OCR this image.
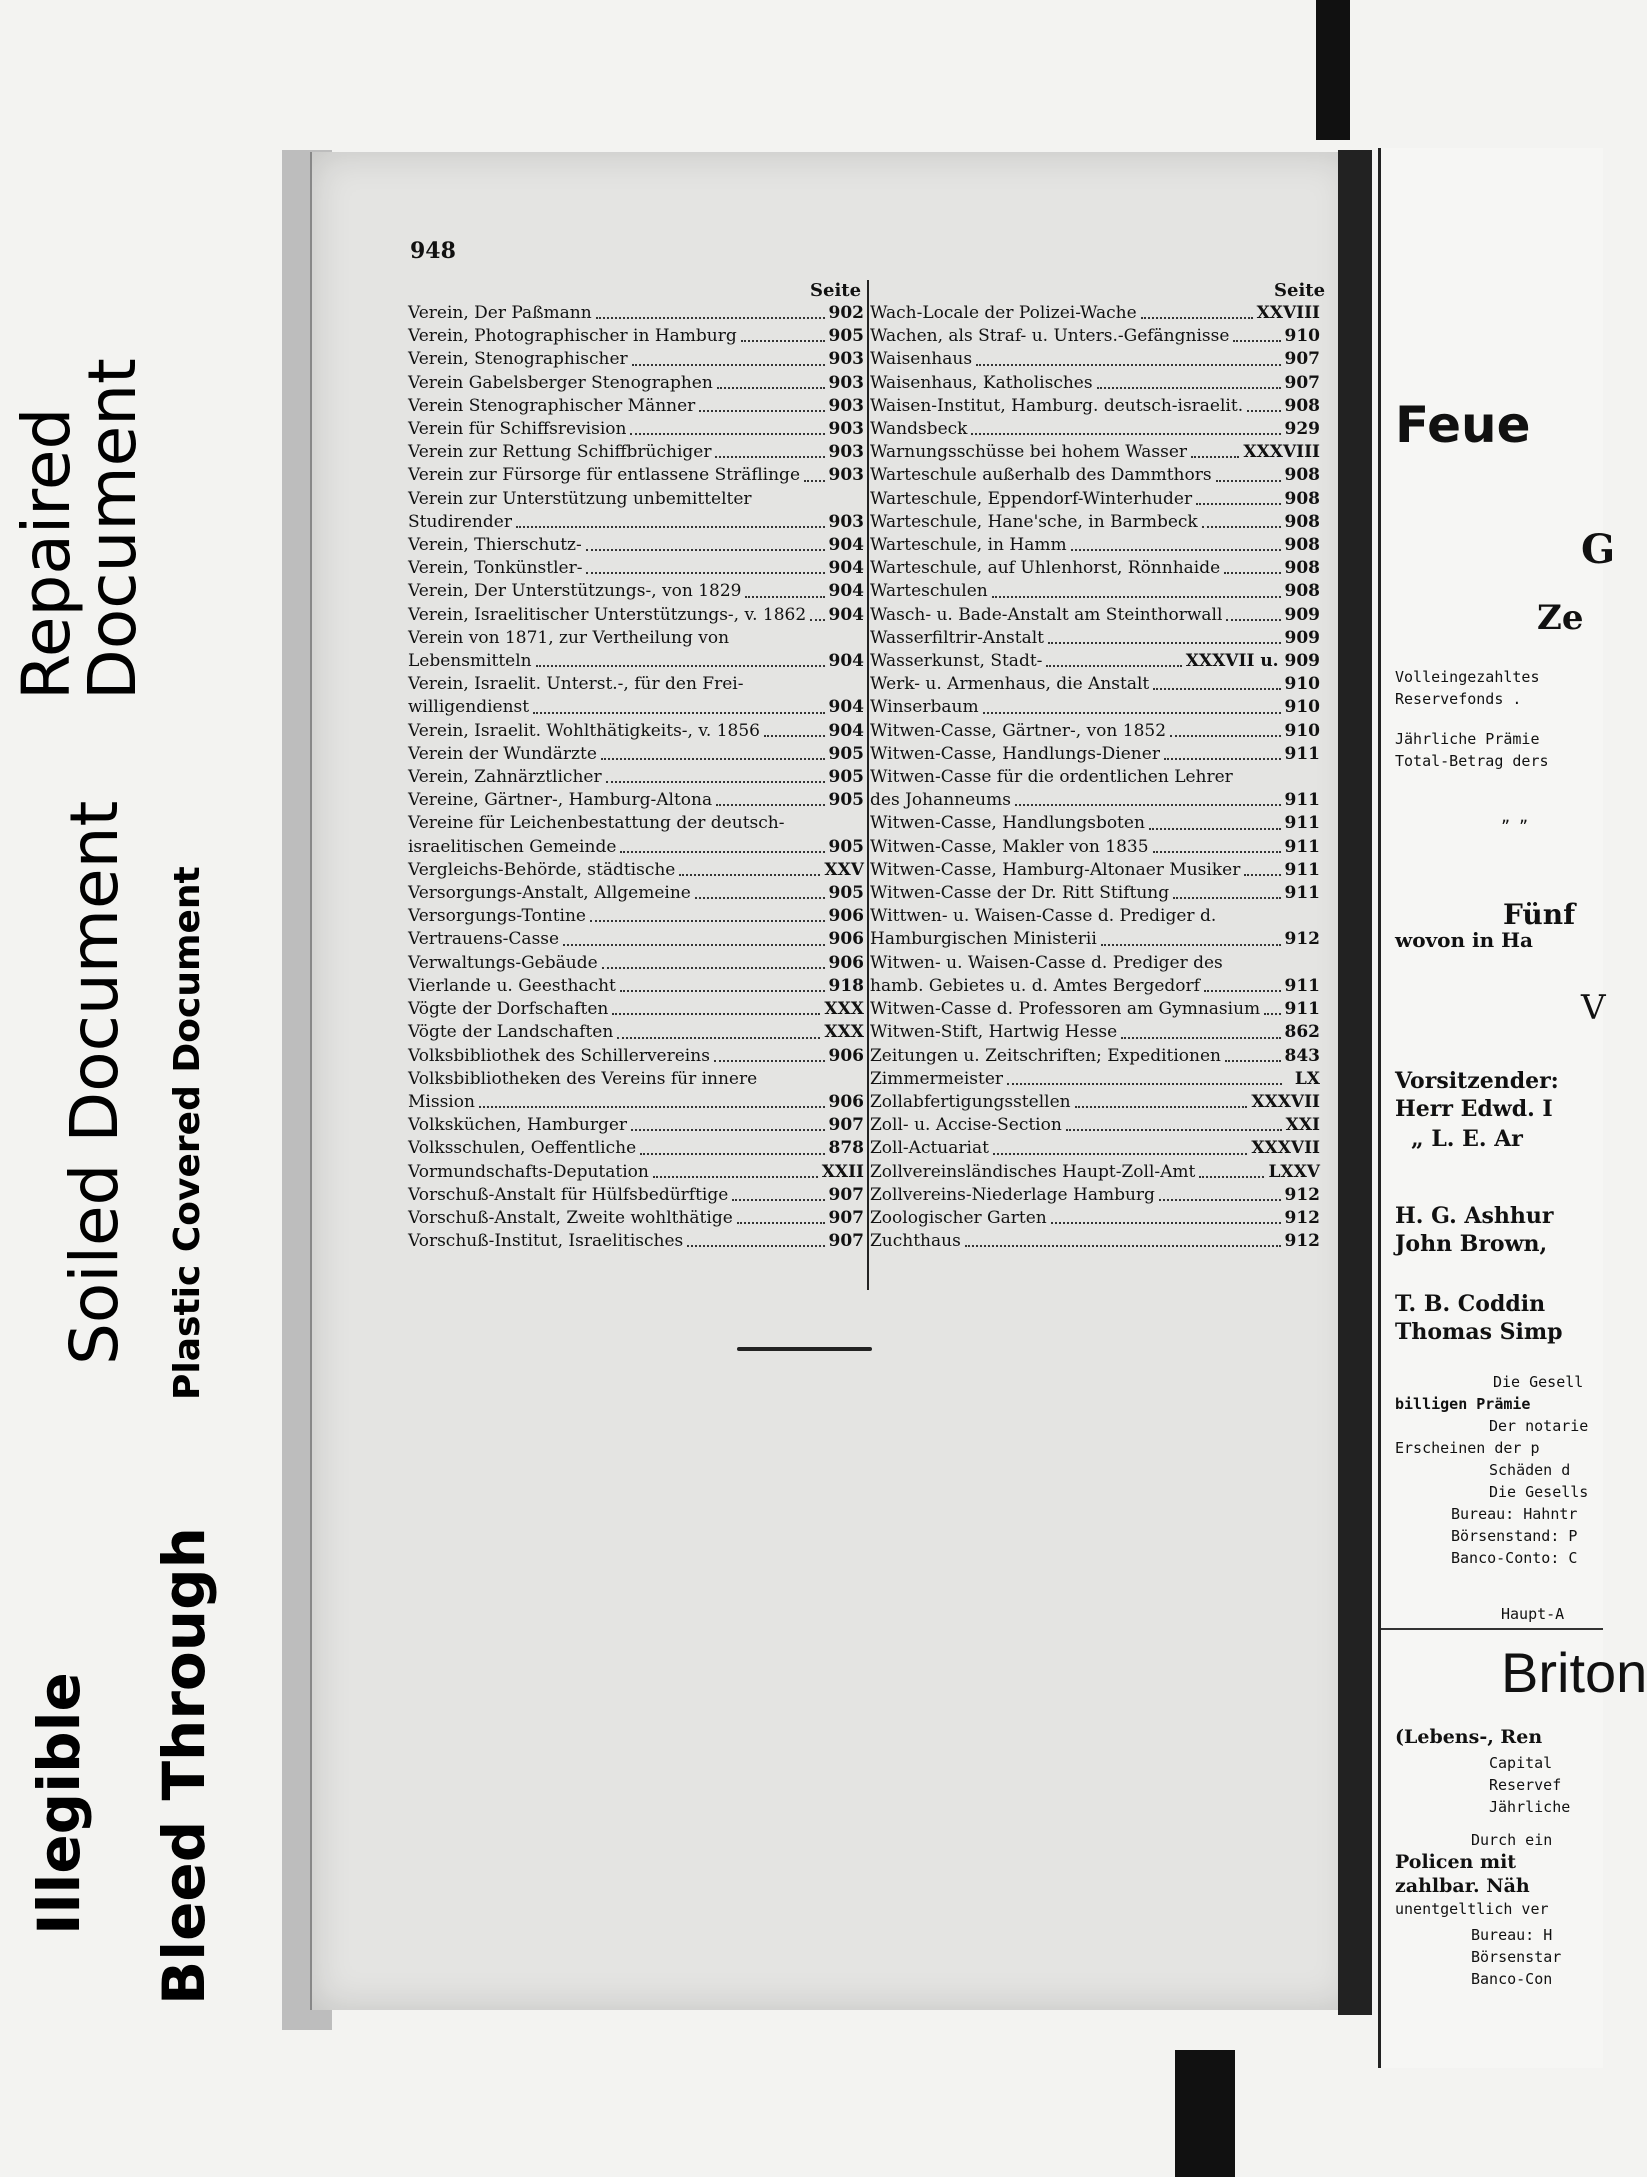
Repaired
Document
Soiled Document Plastic Covered Document
Illegible Bleed Through
948
Seite	Seite
Verein, Der Paßmann	902
Verein, Photographischer in Hamburg	905
Verein, Stenographischer	903
Verein Gabelsberger Stenographen	903
Verein Stenographischer Männer	903
Verein für Schiffsrevision	903
Verein zur Rettung Schiffbrüchiger	903
Verein zur Fürsorge für entlassene Sträflinge 903
Verein zur Unterstützung unbemittelter
Studirender	903
Verein, Thierschutz-	904
Verein, Tonkünstler-	904
Verein, Der Unterstützungs-, von 1829	904
Verein, Israelitischer Unterstützungs-, v. 1862 904
Verein von 1871, zur Vertheilung von
Lebensmitteln	904
Verein, Israelit. Unterst.-, für den Frei-
willigendienst	904
Verein, Israelit. Wohlthätigkeits-, v. 1856	904
Verein der Wundärzte	905
Verein, Zahnärztlicher	905
Vereine, Gärtner-, Hamburg-Altona	905
Vereine für Leichenbestattung der deutsch-
israelitischen Gemeinde	905
Vergleichs-Behörde, städtische	XXV
Versorgungs-Anstalt, Allgemeine	905
Versorgungs-Tontine	906
Vertrauens-Casse	906
Verwaltungs-Gebäude	906
Vierlande u. Geesthacht	918
Vögte der Dorfschaften	XXX
Vögte der Landschaften	XXX
Volksbibliothek des Schillervereins	906
Volksbibliotheken des Vereins für innere
Mission	906
Volksküchen, Hamburger	907
Volksschulen, Oeffentliche	878
Vormundschafts-Deputation	XXII
Vorschuß-Anstalt für Hülfsbedürftige	907
Vorschuß-Anstalt, Zweite wohlthätige	907
Vorschuß-Institut, Israelitisches	907
Wach-Locale der Polizei-Wache	XXVIII
Wachen, als Straf- u. Unters.-Gefängnisse	910
Waisenhaus	907
Waisenhaus, Katholisches	907
Waisen-Institut, Hamburg. deutsch-israelit. 908
Wandsbeck	929
Warnungsschüsse bei hohem Wasser	XXXVIII
Warteschule außerhalb des Dammthors	908
Warteschule, Eppendorf-Winterhuder	908
Warteschule, Hane'sche, in Barmbeck	908
Warteschule, in Hamm	908
Warteschule, auf Uhlenhorst, Rönnhaide	908
Warteschulen	908
Wasch- u. Bade-Anstalt am Steinthorwall	909
Wasserfiltrir-Anstalt	909
Wasserkunst, Stadt-	XXXVII u. 909
Werk- u. Armenhaus, die Anstalt	910
Winserbaum	910
Witwen-Casse, Gärtner-, von 1852	910
Witwen-Casse, Handlungs-Diener	911
Witwen-Casse für die ordentlichen Lehrer
des Johanneums	911
Witwen-Casse, Handlungsboten	911
Witwen-Casse, Makler von 1835	911
Witwen-Casse, Hamburg-Altonaer Musiker	911
Witwen-Casse der Dr. Ritt Stiftung	911
Wittwen- u. Waisen-Casse d. Prediger d.
Hamburgischen Ministerii	912
Witwen- u. Waisen-Casse d. Prediger des
hamb. Gebietes u. d. Amtes Bergedorf	911
Witwen-Casse d. Professoren am Gymnasium 911
Witwen-Stift, Hartwig Hesse	862
Zeitungen u. Zeitschriften; Expeditionen	843
Zimmermeister	LX
Zollabfertigungsstellen	XXXVII
Zoll- u. Accise-Section	XXI
Zoll-Actuariat	XXXVII
Zollvereinsländisches Haupt-Zoll-Amt	LXXV
Zollvereins-Niederlage Hamburg	912
Zoologischer Garten	912
Zuchthaus	912
Feue
G
Ze
Volleingezahltes
Reservefonds .
Jährliche Prämie
Total-Betrag ders
„ „
Fünf
wovon in Ha
V
Vorsitzender:
Herr Edwd. I
„ L. E. Ar
H. G. Ashhur
John Brown,
T. B. Coddin
Thomas Simp
Die Gesell
billigen Prämie
Der notarie
Erscheinen der p
Schäden d
Die Gesells
Bureau: Hahntr
Börsenstand: P
Banco-Conto: C
Haupt-A
Briton
(Lebens-, Ren
Capital
Reservef
Jährliche
Durch ein
Policen mit
zahlbar. Näh
unentgeltlich ver
Bureau: H
Börsenstar
Banco-Con
